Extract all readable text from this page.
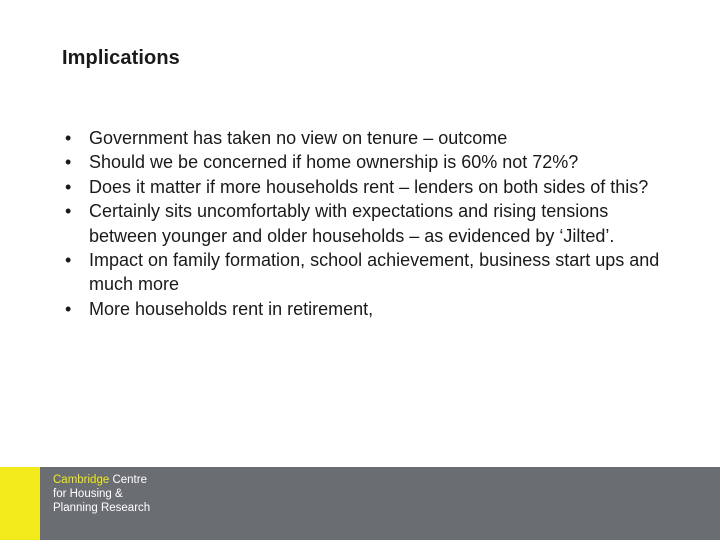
Implications
• Government has taken no view on tenure – outcome
• Should we be concerned if home ownership is 60% not 72%?
• Does it matter if more households rent – lenders on both sides of this?
• Certainly sits uncomfortably with expectations and rising tensions between younger and older households – as evidenced by ‘Jilted’.
• Impact on family formation, school achievement, business start ups and much more
• More households rent in retirement,
Cambridge Centre
for Housing &
Planning Research
